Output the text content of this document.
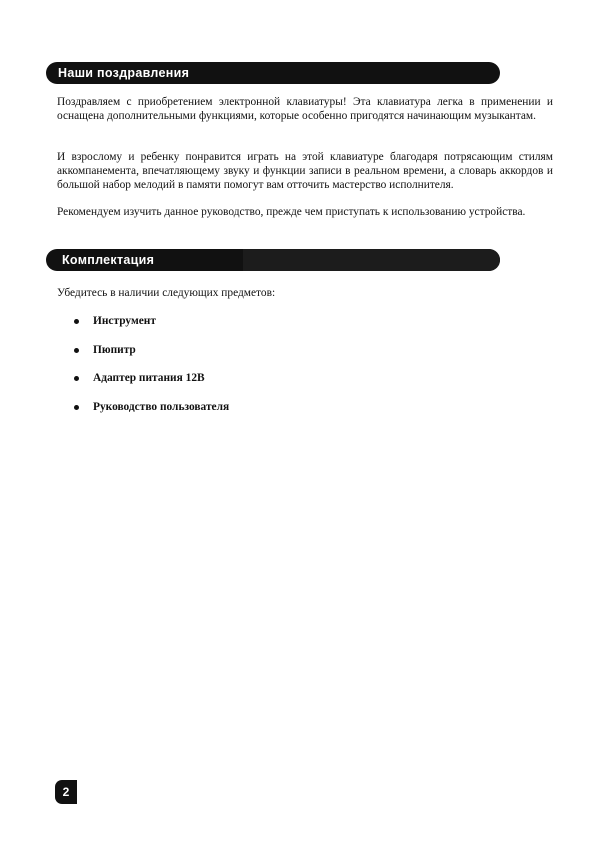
Наши поздравления

Поздравляем с приобретением электронной клавиатуры! Эта клавиатура легка в применении и оснащена дополнительными функциями, которые особенно пригодятся начинающим музыкантам.

И взрослому и ребенку понравится играть на этой клавиатуре благодаря потрясающим стилям аккомпанемента, впечатляющему звуку и функции записи в реальном времени, а словарь аккордов и большой набор мелодий в памяти помогут вам отточить мастерство исполнителя.

Рекомендуем изучить данное руководство, прежде чем приступать к использованию устройства.

Комплектация

Убедитесь в наличии следующих предметов:

Инструмент
Пюпитр
Адаптер питания 12В
Руководство пользователя
2
